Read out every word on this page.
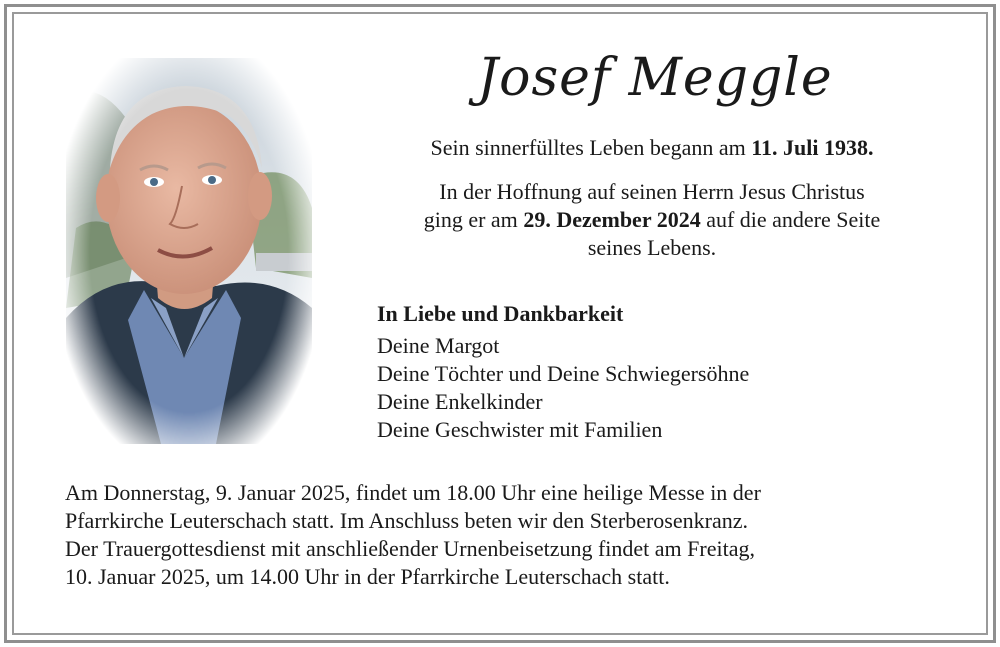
Josef Meggle
Sein sinnerfülltes Leben begann am 11. Juli 1938.
In der Hoffnung auf seinen Herrn Jesus Christus
ging er am 29. Dezember 2024 auf die andere Seite
seines Lebens.
In Liebe und Dankbarkeit
Deine Margot
Deine Töchter und Deine Schwiegersöhne
Deine Enkelkinder
Deine Geschwister mit Familien
Am Donnerstag, 9. Januar 2025, findet um 18.00 Uhr eine heilige Messe in der
Pfarrkirche Leuterschach statt. Im Anschluss beten wir den Sterberosenkranz.
Der Trauergottesdienst mit anschließender Urnenbeisetzung findet am Freitag,
10. Januar 2025, um 14.00 Uhr in der Pfarrkirche Leuterschach statt.
